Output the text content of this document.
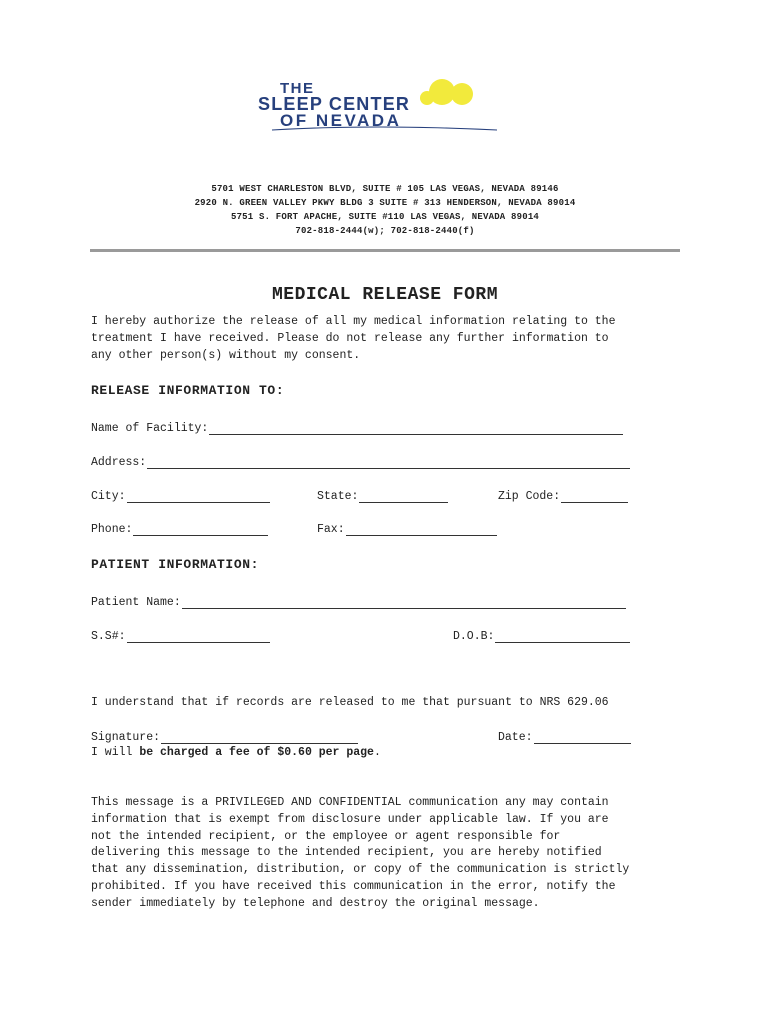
THE
SLEEP CENTER
OF NEVADA
5701 WEST CHARLESTON BLVD, SUITE # 105 LAS VEGAS, NEVADA 89146
2920 N. GREEN VALLEY PKWY BLDG 3 SUITE # 313 HENDERSON, NEVADA 89014
5751 S. FORT APACHE, SUITE #110 LAS VEGAS, NEVADA 89014
702-818-2444(w); 702-818-2440(f)
MEDICAL RELEASE FORM
I hereby authorize the release of all my medical information relating to the
treatment I have received. Please do not release any further information to
any other person(s) without my consent.
RELEASE INFORMATION TO:
Name of Facility:
Address:
City:	State:	Zip Code:
Phone:	Fax:
PATIENT INFORMATION:
Patient Name:
S.S#:	D.O.B:

I understand that if records are released to me that pursuant to NRS 629.06

I will be charged a fee of $0.60 per page.

Signature:	Date:
This message is a PRIVILEGED AND CONFIDENTIAL communication any may contain
information that is exempt from disclosure under applicable law. If you are
not the intended recipient, or the employee or agent responsible for
delivering this message to the intended recipient, you are hereby notified
that any dissemination, distribution, or copy of the communication is strictly
prohibited. If you have received this communication in the error, notify the
sender immediately by telephone and destroy the original message.
